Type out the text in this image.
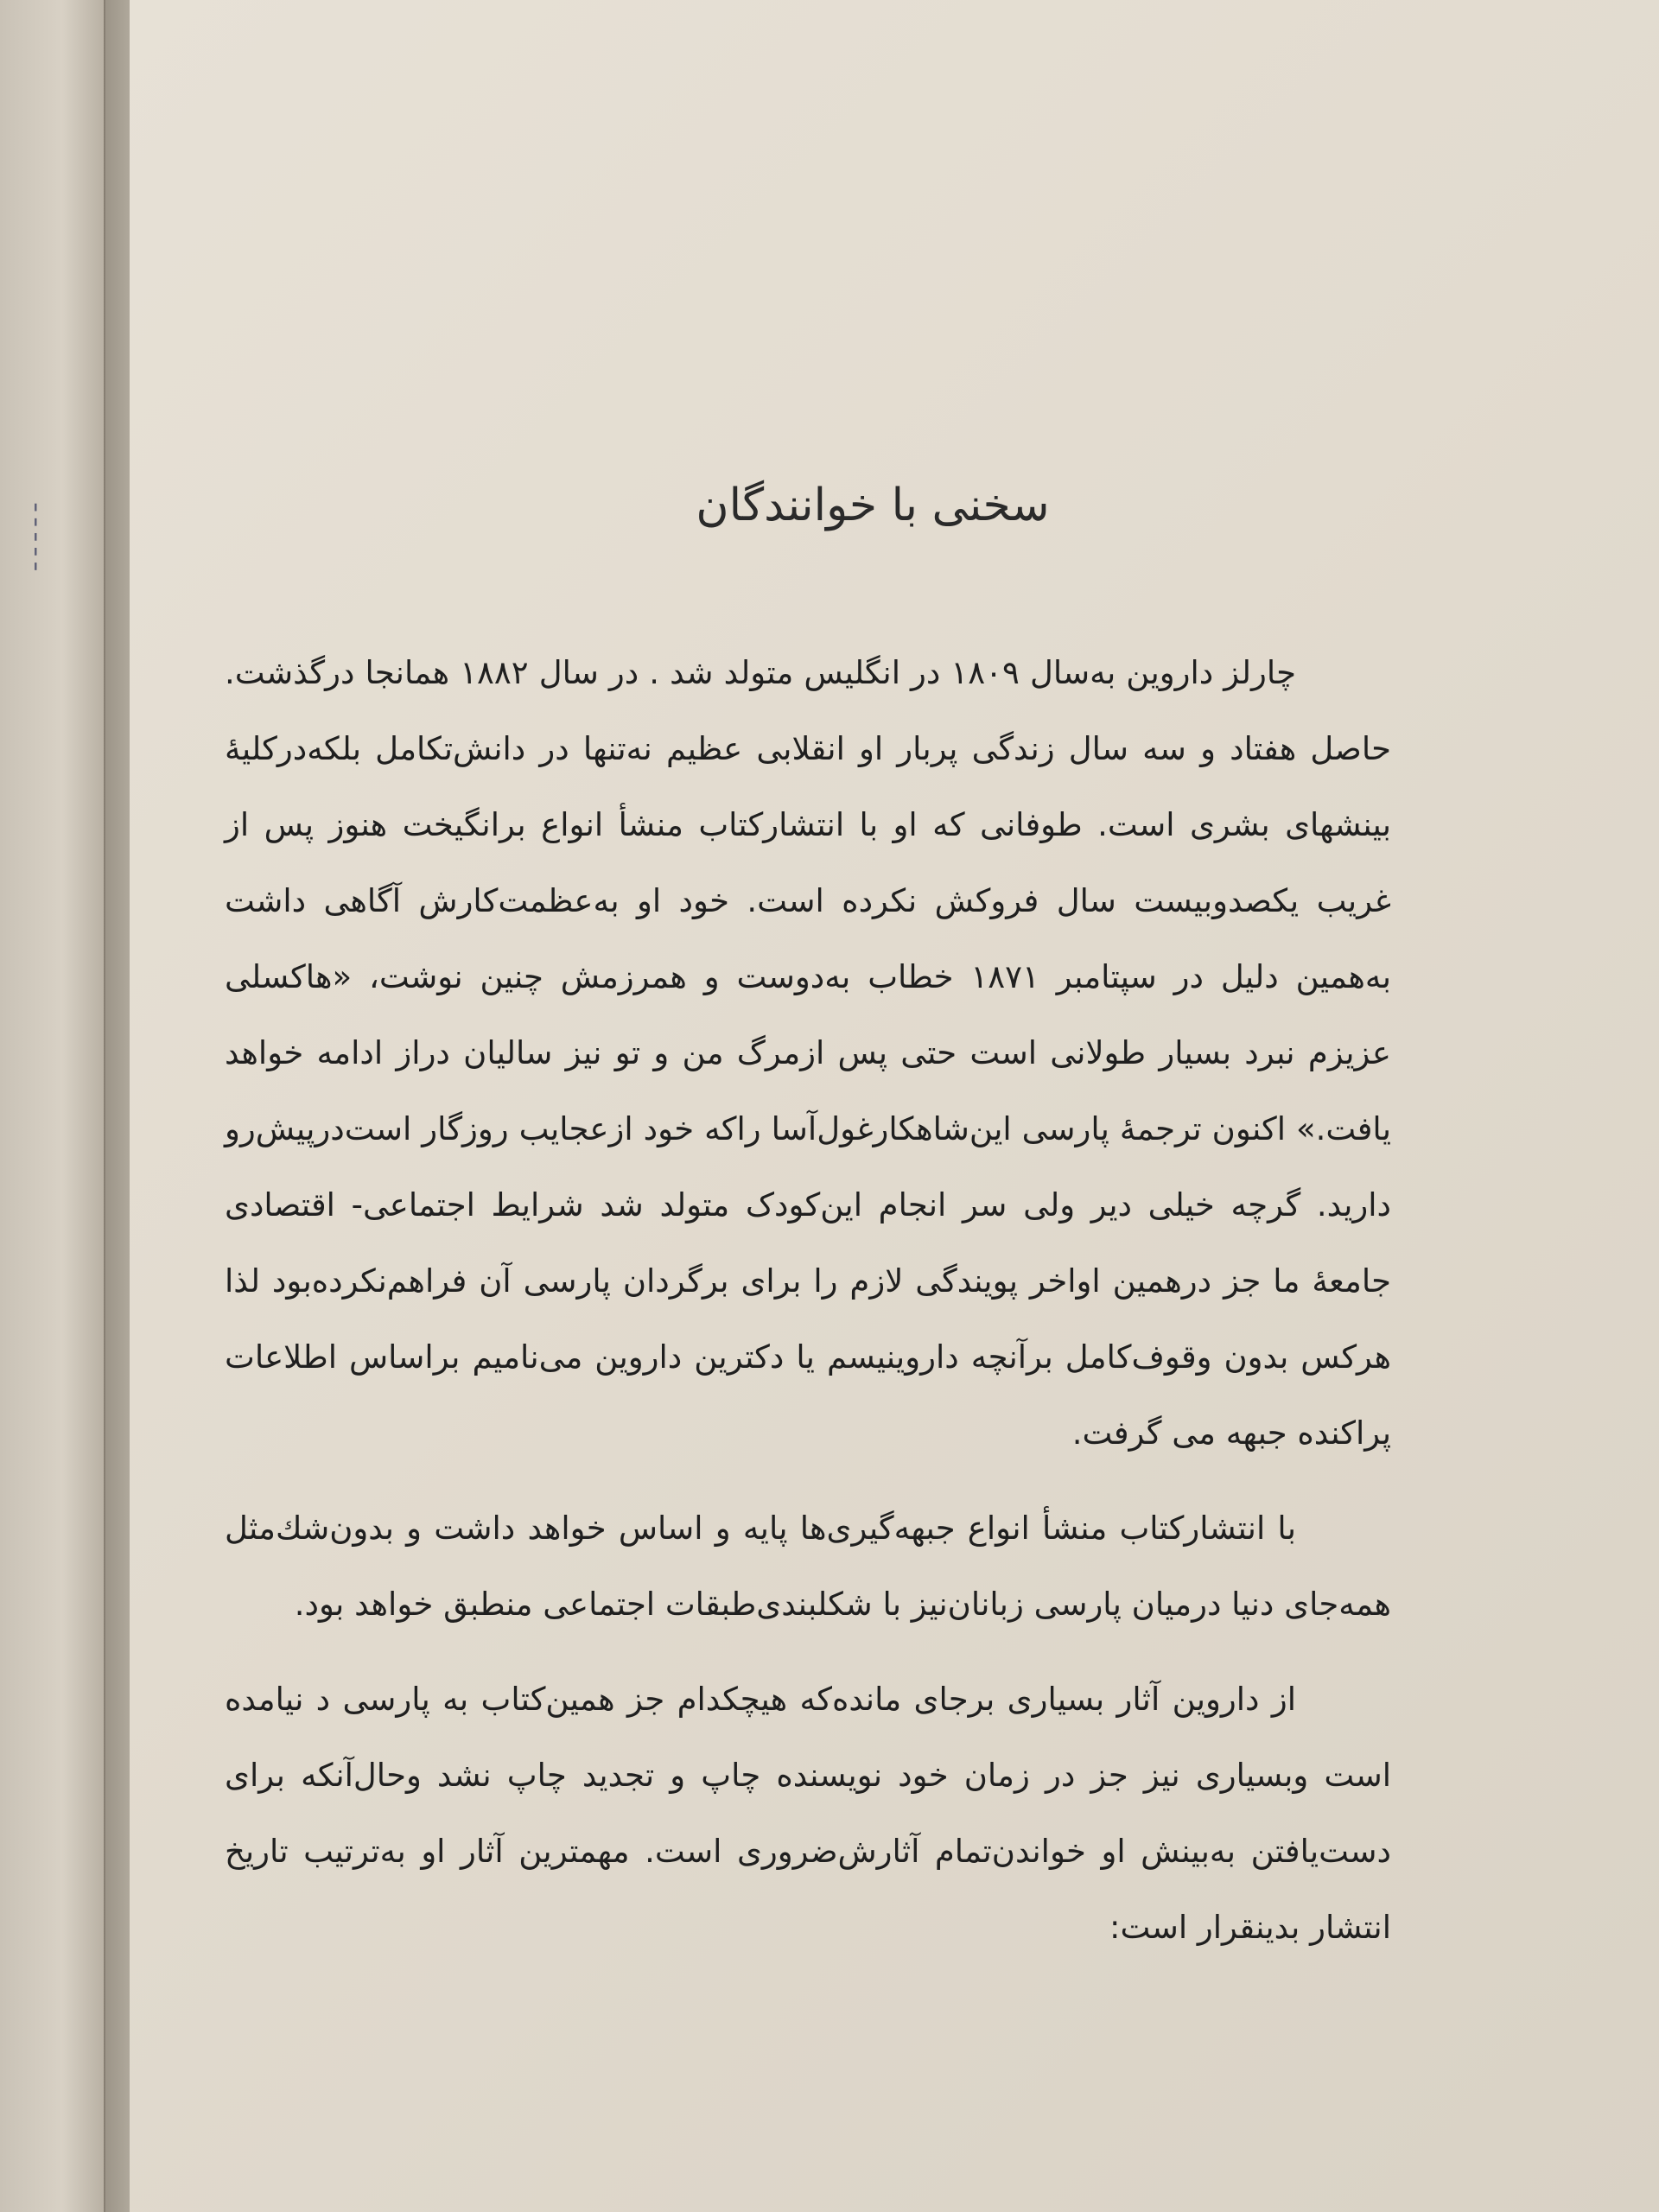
ـ ـ ـ ـ ـ	سخنی با خوانندگان

چارلز داروین به‌سال ۱۸۰۹ در انگلیس متولد شد . در سال ۱۸۸۲ همانجا درگذشت. حاصل هفتاد و سه سال زندگی پربار او انقلابی عظیم نه‌تنها در دانش‌تکامل بلکه‌درکلیهٔ بینشهای بشری است. طوفانی که او با انتشارکتاب منشأ انواع برانگیخت هنوز پس از غریب یکصدوبیست سال فروکش نکرده است. خود او به‌عظمت‌کارش آگاهی داشت به‌همین دلیل در سپتامبر ۱۸۷۱ خطاب به‌دوست و همرزمش چنین نوشت، «هاکسلی عزیزم نبرد بسیار طولانی است حتی پس ازمرگ من و تو نیز سالیان دراز ادامه خواهد یافت.» اکنون ترجمهٔ پارسی این‌شاهکارغول‌آسا راکه خود ازعجایب روزگار است‌درپیش‌رو دارید. گرچه خیلی دیر ولی سر انجام این‌کودک متولد شد شرایط اجتماعی- اقتصادی جامعهٔ ما جز درهمین اواخر پویندگی لازم را برای برگردان پارسی آن فراهم‌نکرده‌بود لذا هرکس بدون وقوف‌کامل برآنچه داروینیسم یا دکترین داروین می‌نامیم براساس اطلاعات پراکنده جبهه می گرفت.

با انتشارکتاب منشأ انواع جبهه‌گیری‌ها پایه و اساس خواهد داشت و بدون‌شك‌مثل همه‌جای دنیا درمیان پارسی زبانان‌نیز با شکلبندی‌طبقات اجتماعی منطبق خواهد بود.

از داروین آثار بسیاری برجای مانده‌که هیچکدام جز همین‌کتاب به پارسی د نیامده است وبسیاری نیز جز در زمان خود نویسنده چاپ و تجدید چاپ نشد وحال‌آنکه برای دست‌یافتن به‌بینش او خواندن‌تمام آثارش‌ضروری است. مهمترین آثار او به‌ترتیب تاریخ انتشار بدینقرار است:
